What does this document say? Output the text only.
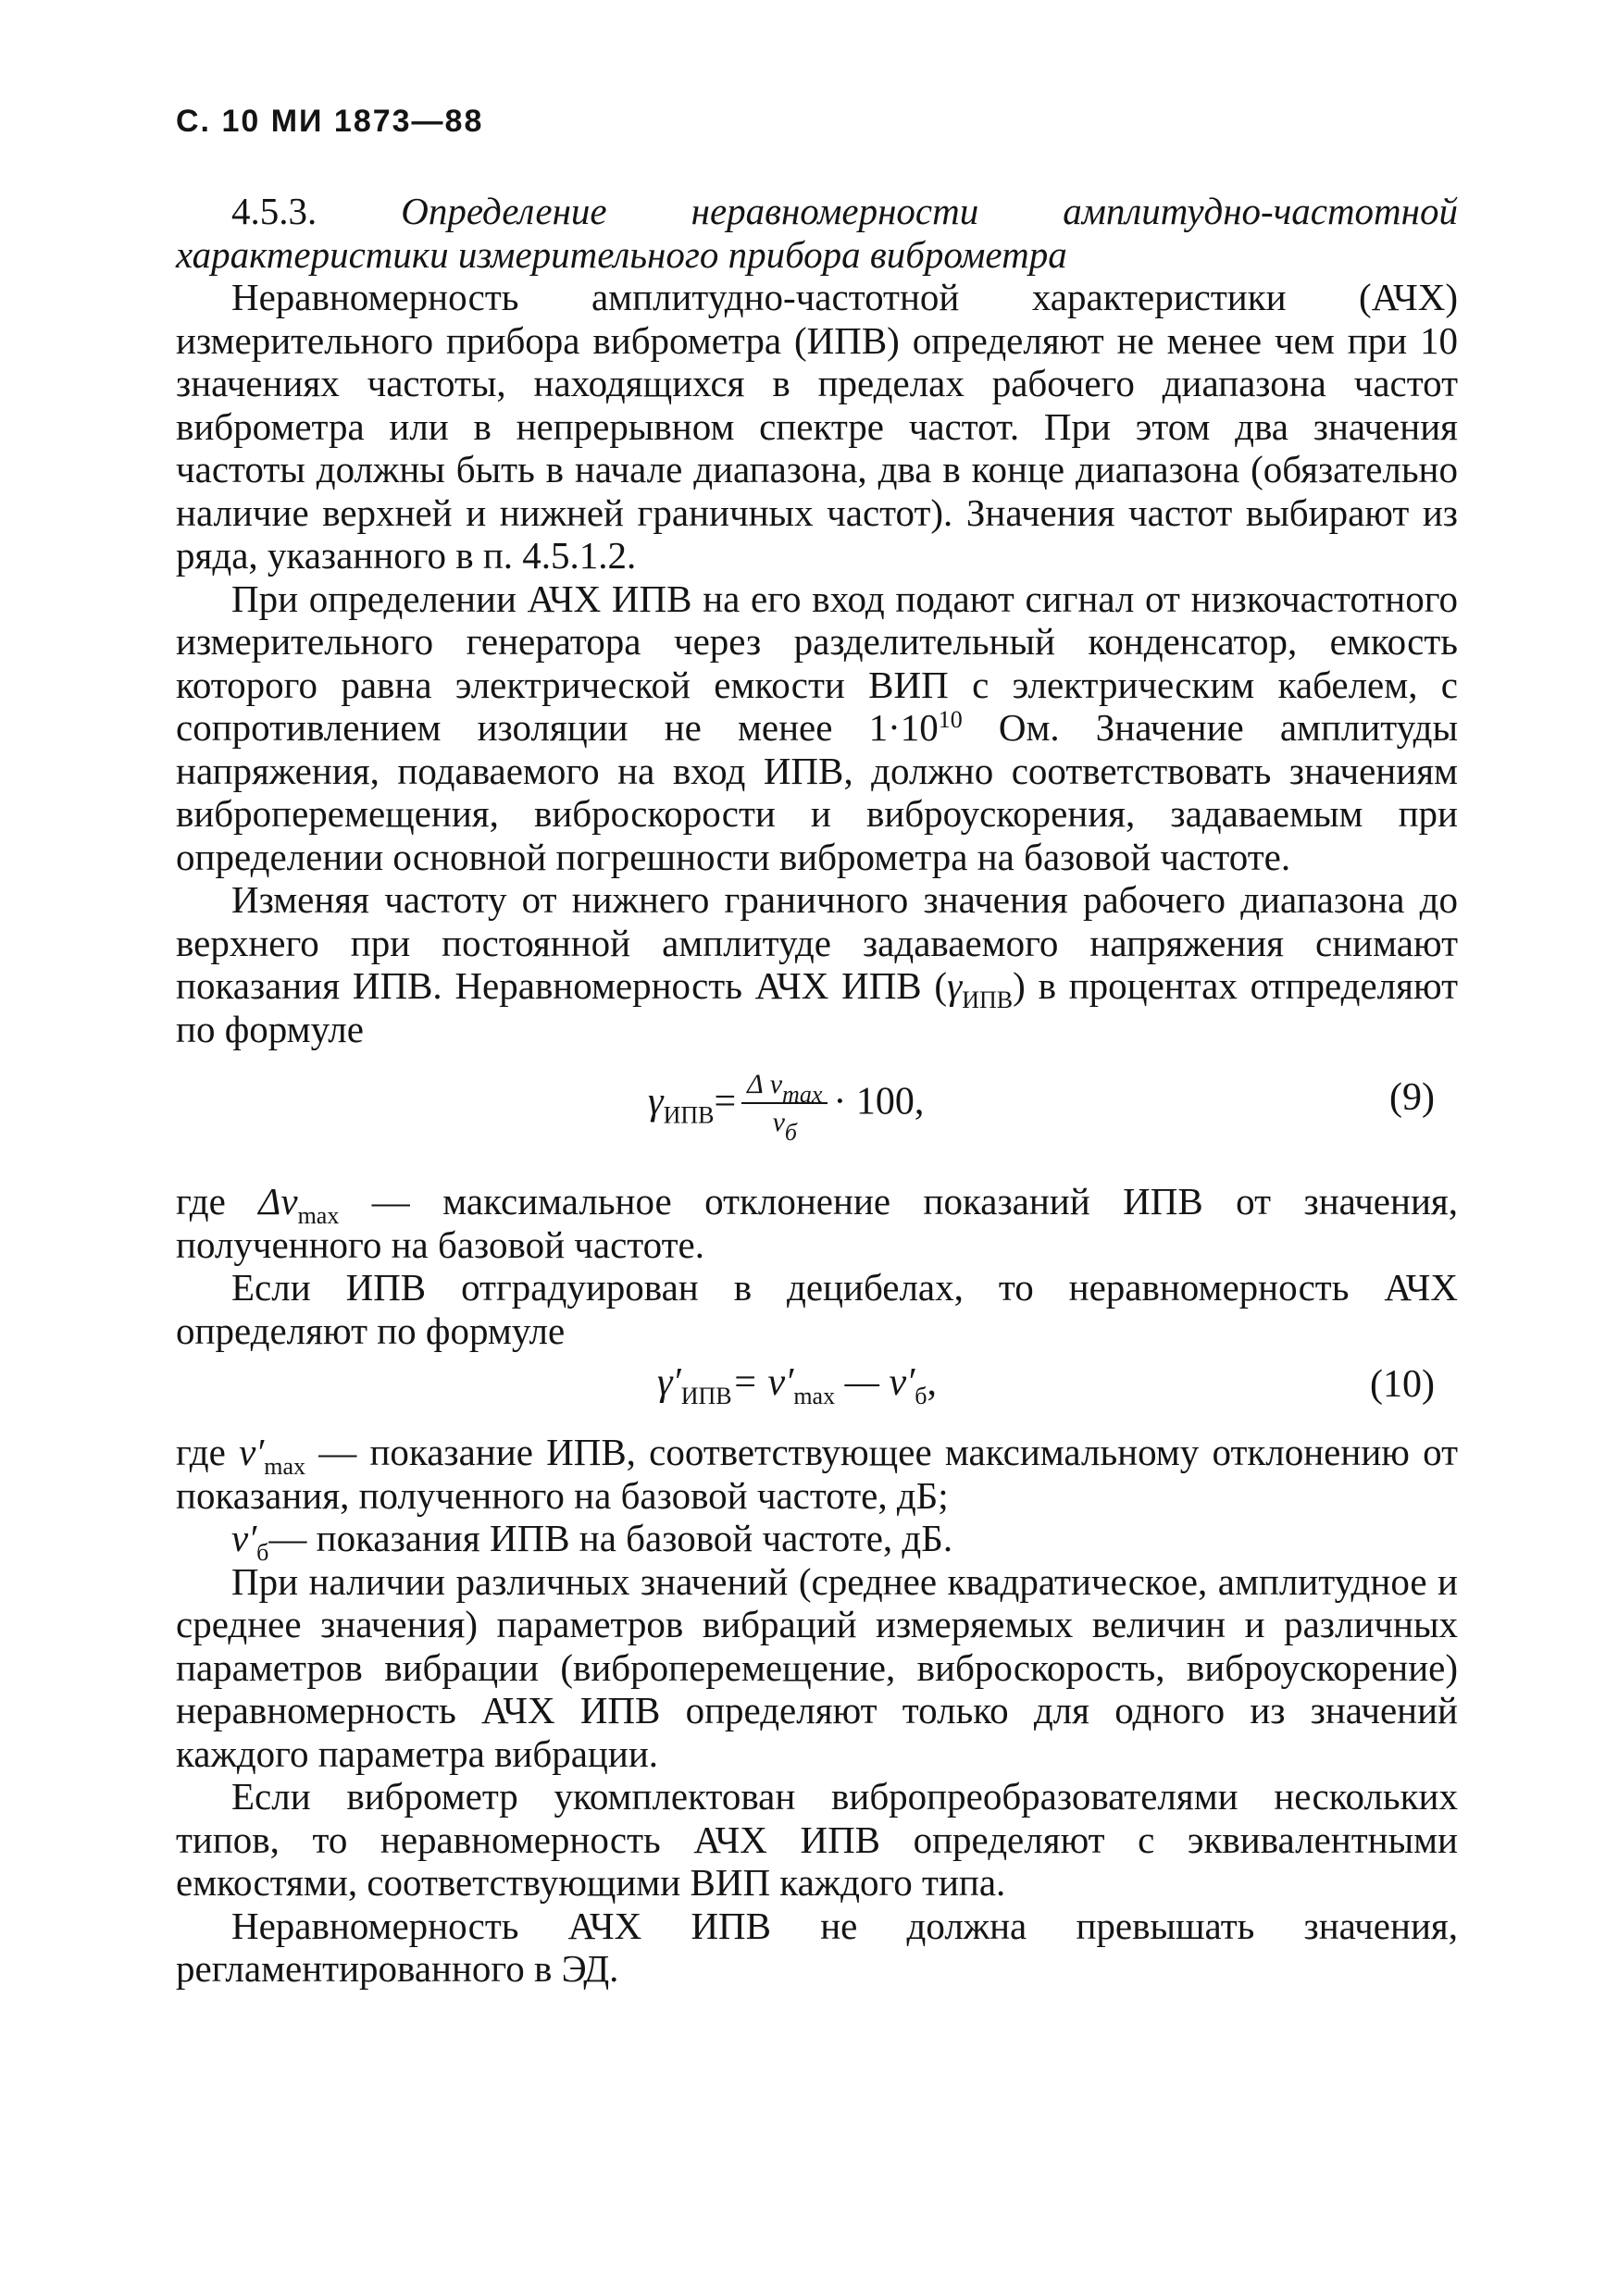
С. 10 МИ 1873—88

4.5.3. Определение неравномерности амплитудно-частотной характеристики измерительного прибора виброметра

Неравномерность амплитудно-частотной характеристики (АЧХ) измерительного прибора виброметра (ИПВ) определяют не менее чем при 10 значениях частоты, находящихся в пределах рабочего диапазона частот виброметра или в непрерывном спектре частот. При этом два значения частоты должны быть в начале диапазона, два в конце диапазона (обязательно наличие верхней и нижней граничных частот). Значения частот выбирают из ряда, указанного в п. 4.5.1.2.

При определении АЧХ ИПВ на его вход подают сигнал от низкочастотного измерительного генератора через разделительный конденсатор, емкость которого равна электрической емкости ВИП с электрическим кабелем, с сопротивлением изоляции не менее $1\cdot 10^{10}$ Ом. Значение амплитуды напряжения, подаваемого на вход ИПВ, должно соответствовать значениям виброперемещения, виброскорости и виброускорения, задаваемым при определении основной погрешности виброметра на базовой частоте.

Изменяя частоту от нижнего граничного значения рабочего диапазона до верхнего при постоянной амплитуде задаваемого напряжения снимают показания ИПВ. Неравномерность АЧХ ИПВ $(\gamma_{ИПВ})$ в процентах отпределяют по формуле

$\gamma_{ИПВ}= \frac{\Delta v_{max}}{v_б} \cdot 100$,	(9)

где $\Delta v_{max}$ — максимальное отклонение показаний ИПВ от значения, полученного на базовой частоте.

Если ИПВ отградуирован в децибелах, то неравномерность АЧХ определяют по формуле

$\gamma'_{ИПВ}= v'_{max}$ — $v'_б$,	(10)

где $v'_{max}$ — показание ИПВ, соответствующее максимальному отклонению от показания, полученного на базовой частоте, дБ;

$v'_б—$ показания ИПВ на базовой частоте, дБ.

При наличии различных значений (среднее квадратическое, амплитудное и среднее значения) параметров вибраций измеряемых величин и различных параметров вибрации (виброперемещение, виброскорость, виброускорение) неравномерность АЧХ ИПВ определяют только для одного из значений каждого параметра вибрации.

Если виброметр укомплектован вибропреобразователями нескольких типов, то неравномерность АЧХ ИПВ определяют с эквивалентными емкостями, соответствующими ВИП каждого типа.

Неравномерность АЧХ ИПВ не должна превышать значения, регламентированного в ЭД.
